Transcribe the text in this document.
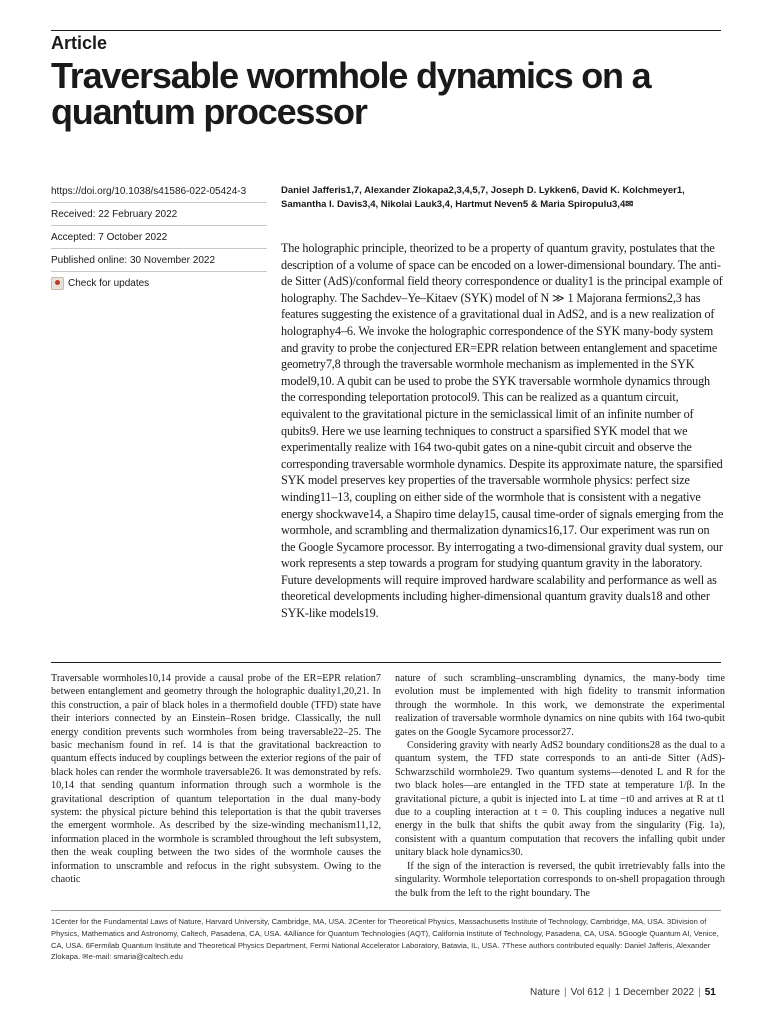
Article
Traversable wormhole dynamics on a quantum processor
https://doi.org/10.1038/s41586-022-05424-3
Received: 22 February 2022
Accepted: 7 October 2022
Published online: 30 November 2022
Check for updates
Daniel Jafferis1,7, Alexander Zlokapa2,3,4,5,7, Joseph D. Lykken6, David K. Kolchmeyer1, Samantha I. Davis3,4, Nikolai Lauk3,4, Hartmut Neven5 & Maria Spiropulu3,4✉
The holographic principle, theorized to be a property of quantum gravity, postulates that the description of a volume of space can be encoded on a lower-dimensional boundary. The anti-de Sitter (AdS)/conformal field theory correspondence or duality1 is the principal example of holography. The Sachdev–Ye–Kitaev (SYK) model of N ≫ 1 Majorana fermions2,3 has features suggesting the existence of a gravitational dual in AdS2, and is a new realization of holography4–6. We invoke the holographic correspondence of the SYK many-body system and gravity to probe the conjectured ER=EPR relation between entanglement and spacetime geometry7,8 through the traversable wormhole mechanism as implemented in the SYK model9,10. A qubit can be used to probe the SYK traversable wormhole dynamics through the corresponding teleportation protocol9. This can be realized as a quantum circuit, equivalent to the gravitational picture in the semiclassical limit of an infinite number of qubits9. Here we use learning techniques to construct a sparsified SYK model that we experimentally realize with 164 two-qubit gates on a nine-qubit circuit and observe the corresponding traversable wormhole dynamics. Despite its approximate nature, the sparsified SYK model preserves key properties of the traversable wormhole physics: perfect size winding11–13, coupling on either side of the wormhole that is consistent with a negative energy shockwave14, a Shapiro time delay15, causal time-order of signals emerging from the wormhole, and scrambling and thermalization dynamics16,17. Our experiment was run on the Google Sycamore processor. By interrogating a two-dimensional gravity dual system, our work represents a step towards a program for studying quantum gravity in the laboratory. Future developments will require improved hardware scalability and performance as well as theoretical developments including higher-dimensional quantum gravity duals18 and other SYK-like models19.

Traversable wormholes10,14 provide a causal probe of the ER=EPR relation7 between entanglement and geometry through the holographic duality1,20,21. In this construction, a pair of black holes in a thermofield double (TFD) state have their interiors connected by an Einstein–Rosen bridge. Classically, the null energy condition prevents such wormholes from being traversable22–25. The basic mechanism found in ref. 14 is that the gravitational backreaction to quantum effects induced by couplings between the exterior regions of the pair of black holes can render the wormhole traversable26. It was demonstrated by refs. 10,14 that sending quantum information through such a wormhole is the gravitational description of quantum teleportation in the dual many-body system: the physical picture behind this teleportation is that the qubit traverses the emergent wormhole. As described by the size-winding mechanism11,12, information placed in the wormhole is scrambled throughout the left subsystem, then the weak coupling between the two sides of the wormhole causes the information to unscramble and refocus in the right subsystem. Owing to the chaotic

nature of such scrambling–unscrambling dynamics, the many-body time evolution must be implemented with high fidelity to transmit information through the wormhole. In this work, we demonstrate the experimental realization of traversable wormhole dynamics on nine qubits with 164 two-qubit gates on the Google Sycamore processor27.

Considering gravity with nearly AdS2 boundary conditions28 as the dual to a quantum system, the TFD state corresponds to an anti-de Sitter (AdS)-Schwarzschild wormhole29. Two quantum systems—denoted L and R for the two black holes—are entangled in the TFD state at temperature 1/β. In the gravitational picture, a qubit is injected into L at time −t0 and arrives at R at t1 due to a coupling interaction at t = 0. This coupling induces a negative null energy in the bulk that shifts the qubit away from the singularity (Fig. 1a), consistent with a quantum computation that recovers the infalling qubit under unitary black hole dynamics30.

If the sign of the interaction is reversed, the qubit irretrievably falls into the singularity. Wormhole teleportation corresponds to on-shell propagation through the bulk from the left to the right boundary. The

1Center for the Fundamental Laws of Nature, Harvard University, Cambridge, MA, USA. 2Center for Theoretical Physics, Massachusetts Institute of Technology, Cambridge, MA, USA. 3Division of Physics, Mathematics and Astronomy, Caltech, Pasadena, CA, USA. 4Alliance for Quantum Technologies (AQT), California Institute of Technology, Pasadena, CA, USA. 5Google Quantum AI, Venice, CA, USA. 6Fermilab Quantum Institute and Theoretical Physics Department, Fermi National Accelerator Laboratory, Batavia, IL, USA. 7These authors contributed equally: Daniel Jafferis, Alexander Zlokapa. ✉e-mail: smaria@caltech.edu
Nature | Vol 612 | 1 December 2022 | 51
